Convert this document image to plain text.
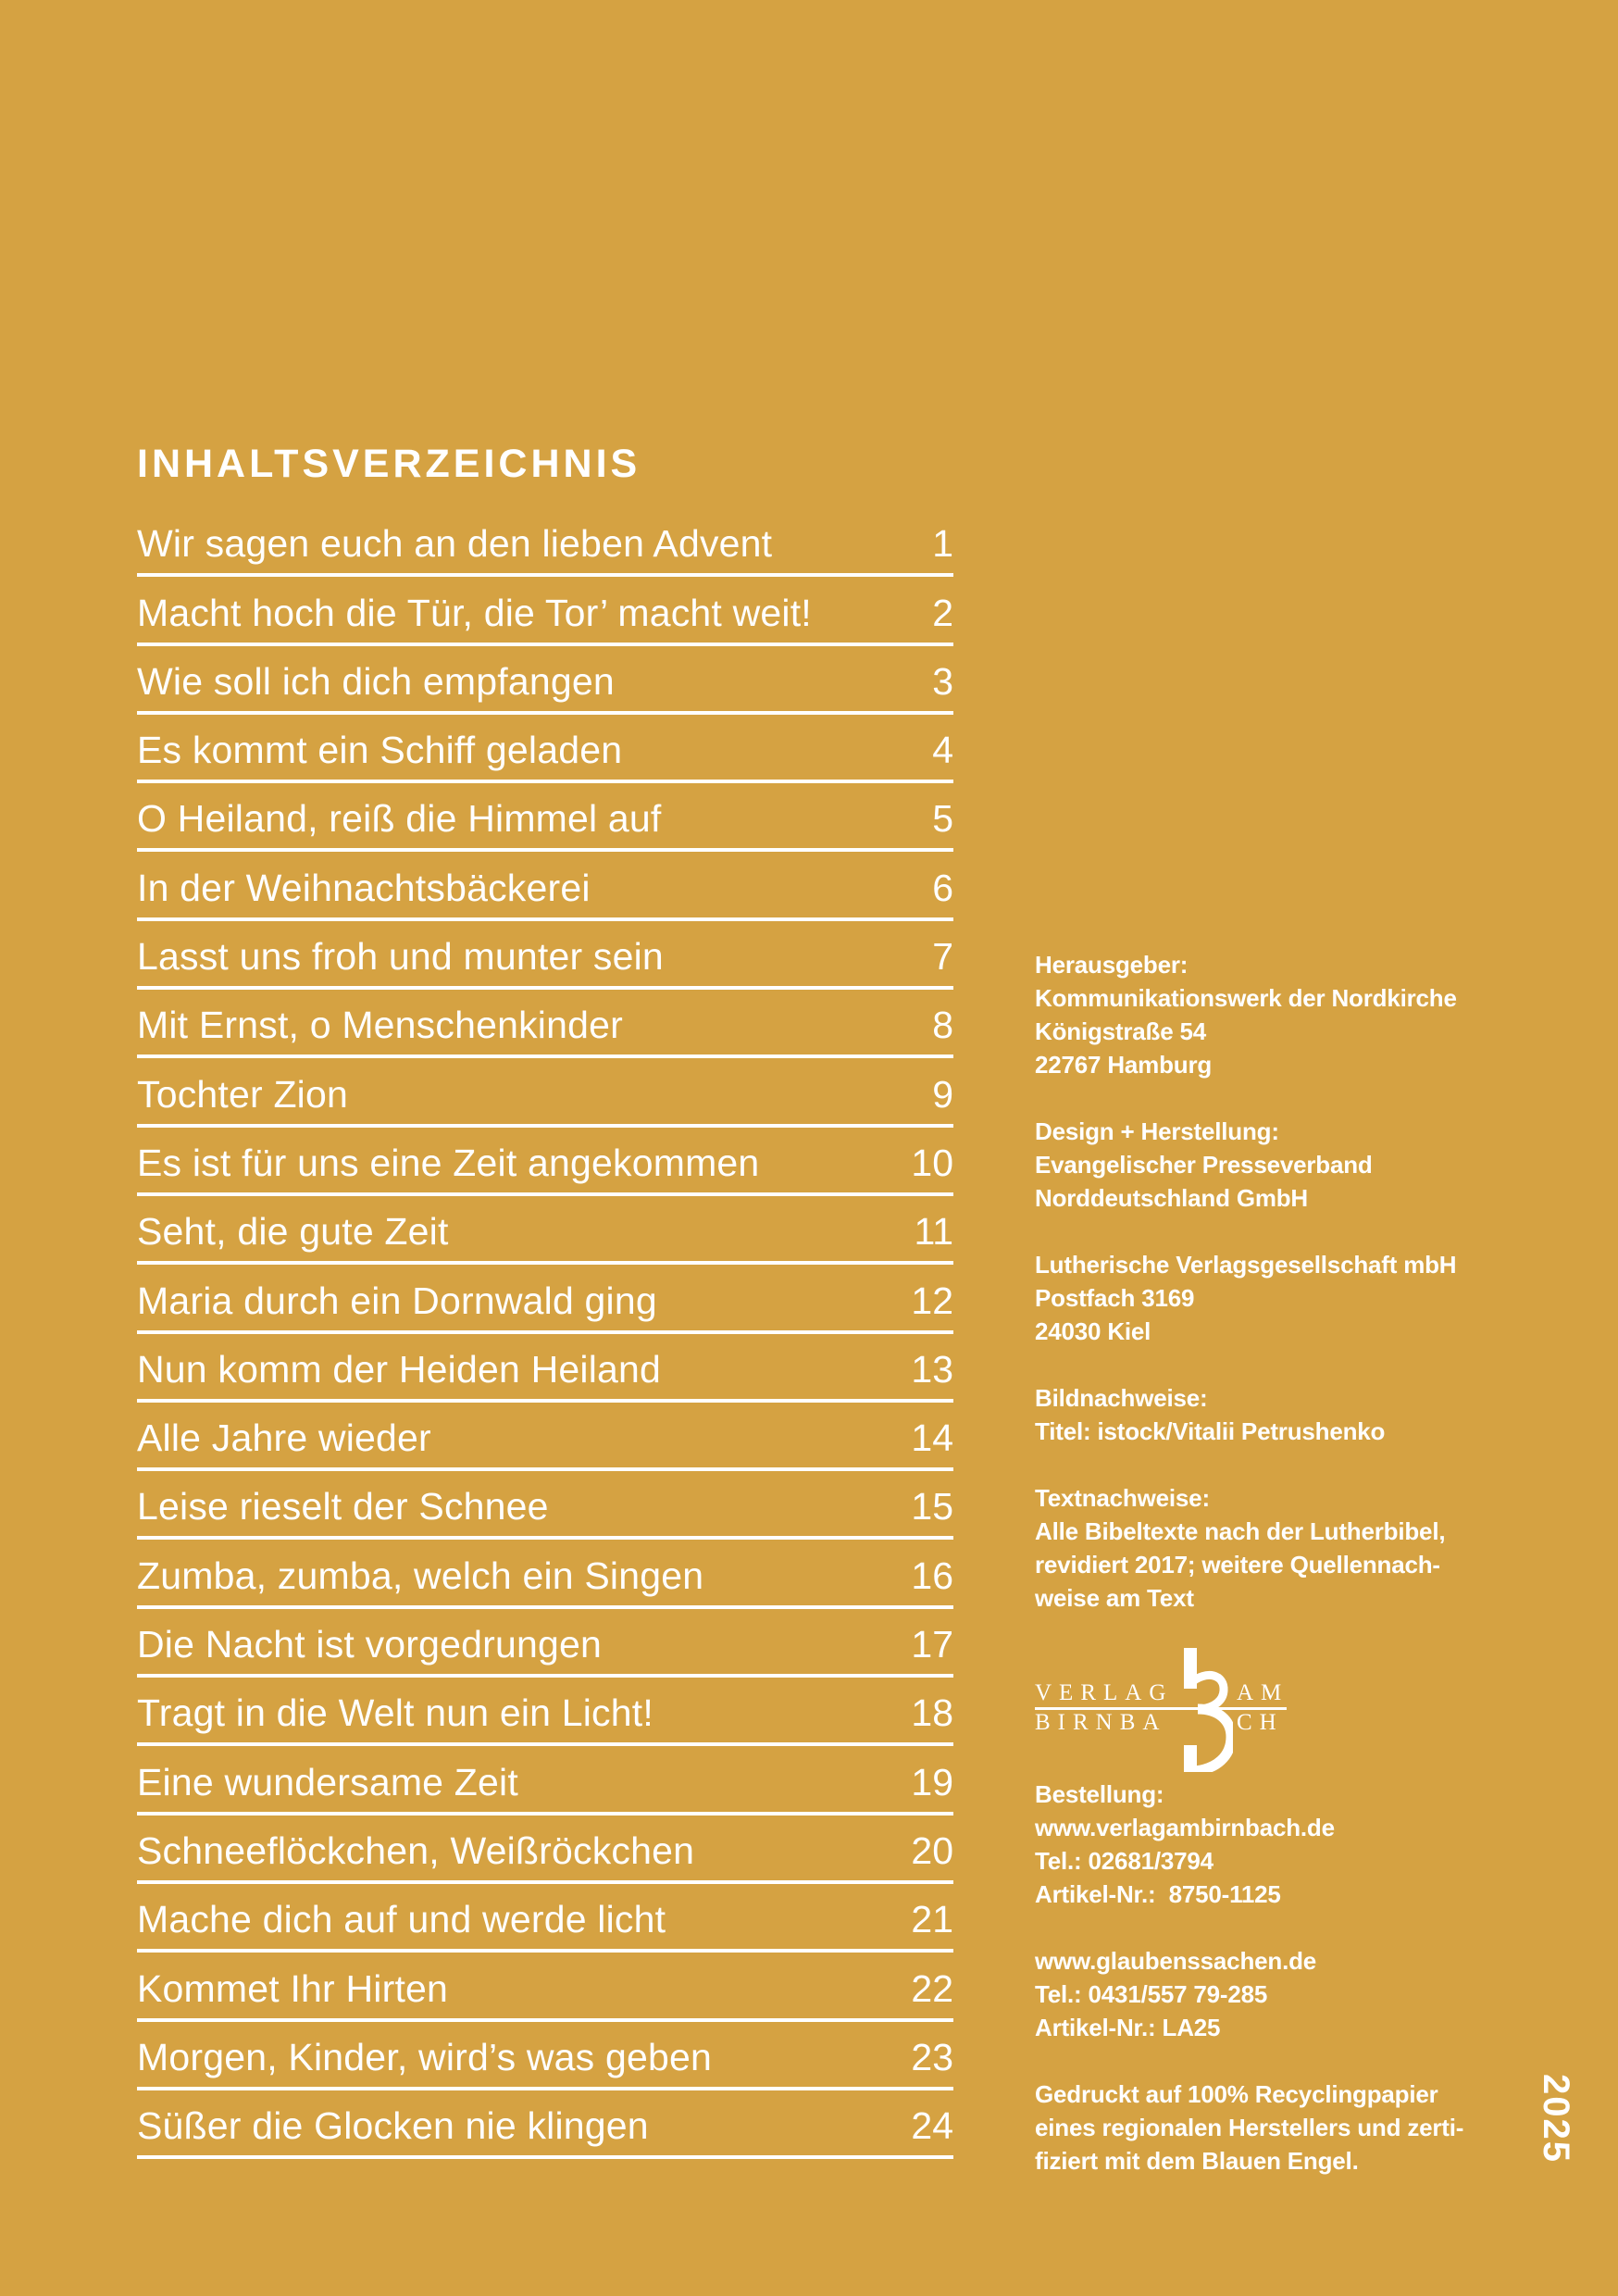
INHALTSVERZEICHNIS
Wir sagen euch an den lieben Advent	1
Macht hoch die Tür, die Tor’ macht weit!	2
Wie soll ich dich empfangen	3
Es kommt ein Schiff geladen	4
O Heiland, reiß die Himmel auf	5
In der Weihnachtsbäckerei	6
Lasst uns froh und munter sein	7
Mit Ernst, o Menschenkinder	8
Tochter Zion	9
Es ist für uns eine Zeit angekommen	10
Seht, die gute Zeit	11
Maria durch ein Dornwald ging	12
Nun komm der Heiden Heiland	13
Alle Jahre wieder	14
Leise rieselt der Schnee	15
Zumba, zumba, welch ein Singen	16
Die Nacht ist vorgedrungen	17
Tragt in die Welt nun ein Licht!	18
Eine wundersame Zeit	19
Schneeflöckchen, Weißröckchen	20
Mache dich auf und werde licht	21
Kommet Ihr Hirten	22
Morgen, Kinder, wird’s was geben	23
Süßer die Glocken nie klingen	24

Herausgeber:

Kommunikationswerk der Nordkirche

Königstraße 54

22767 Hamburg

Design + Herstellung:

Evangelischer Presseverband

Norddeutschland GmbH

Lutherische Verlagsgesellschaft mbH

Postfach 3169

24030 Kiel

Bildnachweise:

Titel: istock/Vitalii Petrushenko

Textnachweise:

Alle Bibeltexte nach der Lutherbibel,

revidiert 2017; weitere Quellennach-

weise am Text

VERLAG	AM
BIRNBA	CH

Bestellung:

www.verlagambirnbach.de

Tel.: 02681/3794

Artikel-Nr.:  8750-1125

www.glaubenssachen.de

Tel.: 0431/557 79-285

Artikel-Nr.: LA25

Gedruckt auf 100% Recyclingpapier

eines regionalen Herstellers und zerti-

fiziert mit dem Blauen Engel.	2025
